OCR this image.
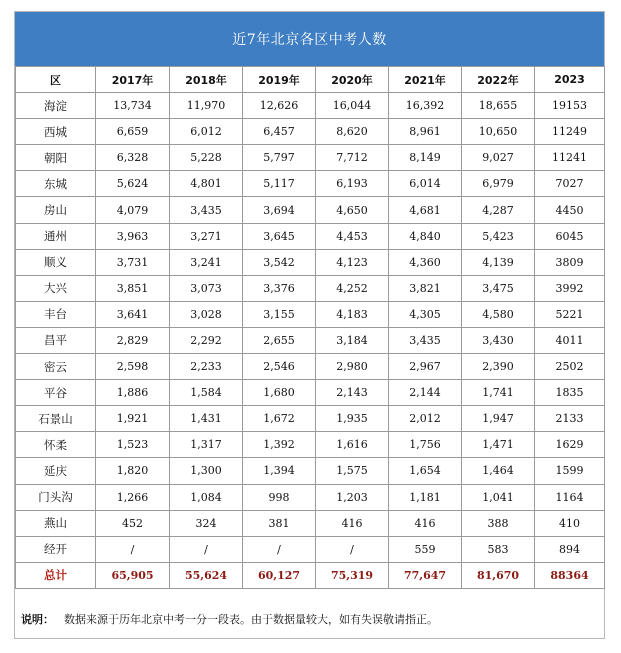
近7年北京各区中考人数
区	2017年	2018年	2019年	2020年	2021年	2022年	2023
海淀	13,734	11,970	12,626	16,044	16,392	18,655	19153
西城	6,659	6,012	6,457	8,620	8,961	10,650	11249
朝阳	6,328	5,228	5,797	7,712	8,149	9,027	11241
东城	5,624	4,801	5,117	6,193	6,014	6,979	7027
房山	4,079	3,435	3,694	4,650	4,681	4,287	4450
通州	3,963	3,271	3,645	4,453	4,840	5,423	6045
顺义	3,731	3,241	3,542	4,123	4,360	4,139	3809
大兴	3,851	3,073	3,376	4,252	3,821	3,475	3992
丰台	3,641	3,028	3,155	4,183	4,305	4,580	5221
昌平	2,829	2,292	2,655	3,184	3,435	3,430	4011
密云	2,598	2,233	2,546	2,980	2,967	2,390	2502
平谷	1,886	1,584	1,680	2,143	2,144	1,741	1835
石景山	1,921	1,431	1,672	1,935	2,012	1,947	2133
怀柔	1,523	1,317	1,392	1,616	1,756	1,471	1629
延庆	1,820	1,300	1,394	1,575	1,654	1,464	1599
门头沟	1,266	1,084	998	1,203	1,181	1,041	1164
燕山	452	324	381	416	416	388	410
经开	/	/	/	/	559	583	894
总计	65,905	55,624	60,127	75,319	77,647	81,670	88364
说明： 数据来源于历年北京中考一分一段表。由于数据量较大，如有失误敬请指正。
